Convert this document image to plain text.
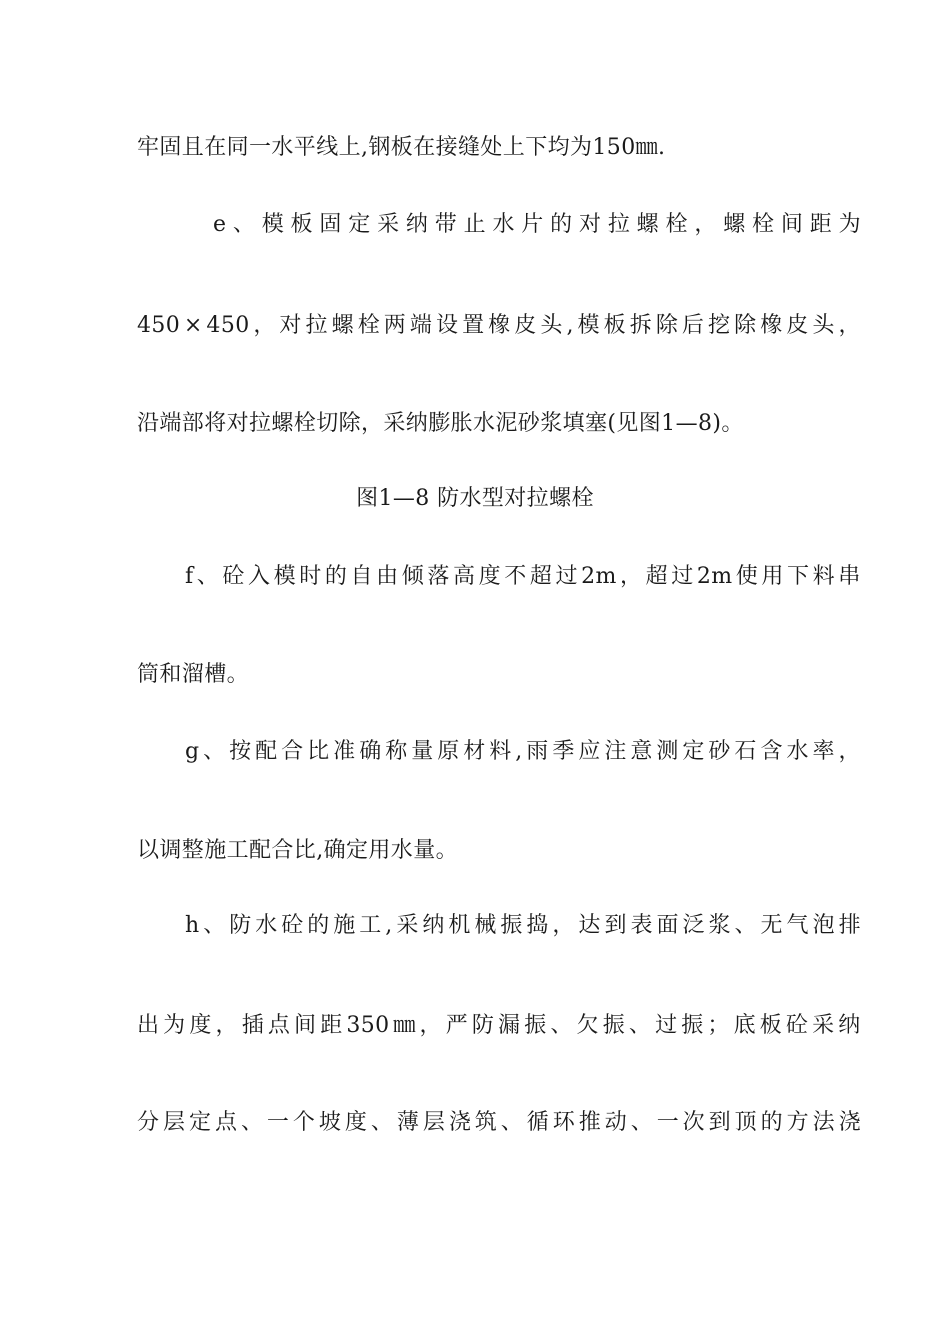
牢固且在同一水平线上,钢板在接缝处上下均为150㎜.
e 、 模 板 固 定 采 纳 带 止 水 片 的 对 拉 螺 栓 ， 螺 栓 间 距 为
450 × 450 ， 对 拉 螺 栓 两 端 设 置 橡 皮 头 , 模 板 拆 除 后 挖 除 橡 皮 头 ，
沿端部将对拉螺栓切除，采纳膨胀水泥砂浆填塞(见图1—8)。
图1—8 防水型对拉螺栓
f 、 砼 入 模 时 的 自 由 倾 落 高 度 不 超 过 2m ， 超 过 2m 使 用 下 料 串
筒和溜槽。
g 、 按 配 合 比 准 确 称 量 原 材 料 , 雨 季 应 注 意 测 定 砂 石 含 水 率 ，
以调整施工配合比,确定用水量。
h 、 防 水 砼 的 施 工 , 采 纳 机 械 振 捣 ， 达 到 表 面 泛 浆 、 无 气 泡 排
出 为 度 ， 插 点 间 距 350 ㎜ ， 严 防 漏 振 、 欠 振 、 过 振 ； 底 板 砼 采 纳
分 层 定 点 、 一 个 坡 度 、 薄 层 浇 筑 、 循 环 推 动 、 一 次 到 顶 的 方 法 浇
